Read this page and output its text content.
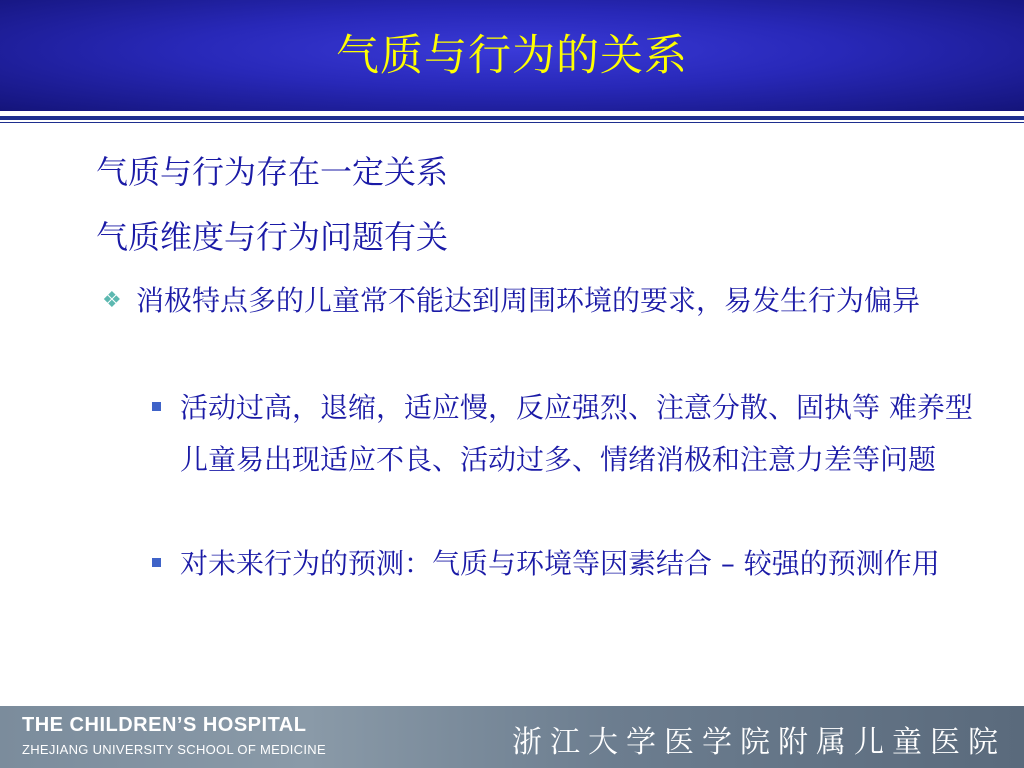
气质与行为的关系
气质与行为存在一定关系
气质维度与行为问题有关
❖ 消极特点多的儿童常不能达到周围环境的要求，易发生行为偏异
活动过高，退缩，适应慢，反应强烈、注意分散、固执等 难养型儿童易出现适应不良、活动过多、情绪消极和注意力差等问题
对未来行为的预测：气质与环境等因素结合 – 较强的预测作用
THE CHILDREN’S HOSPITAL
ZHEJIANG UNIVERSITY SCHOOL OF MEDICINE	浙江大学医学院附属儿童医院
